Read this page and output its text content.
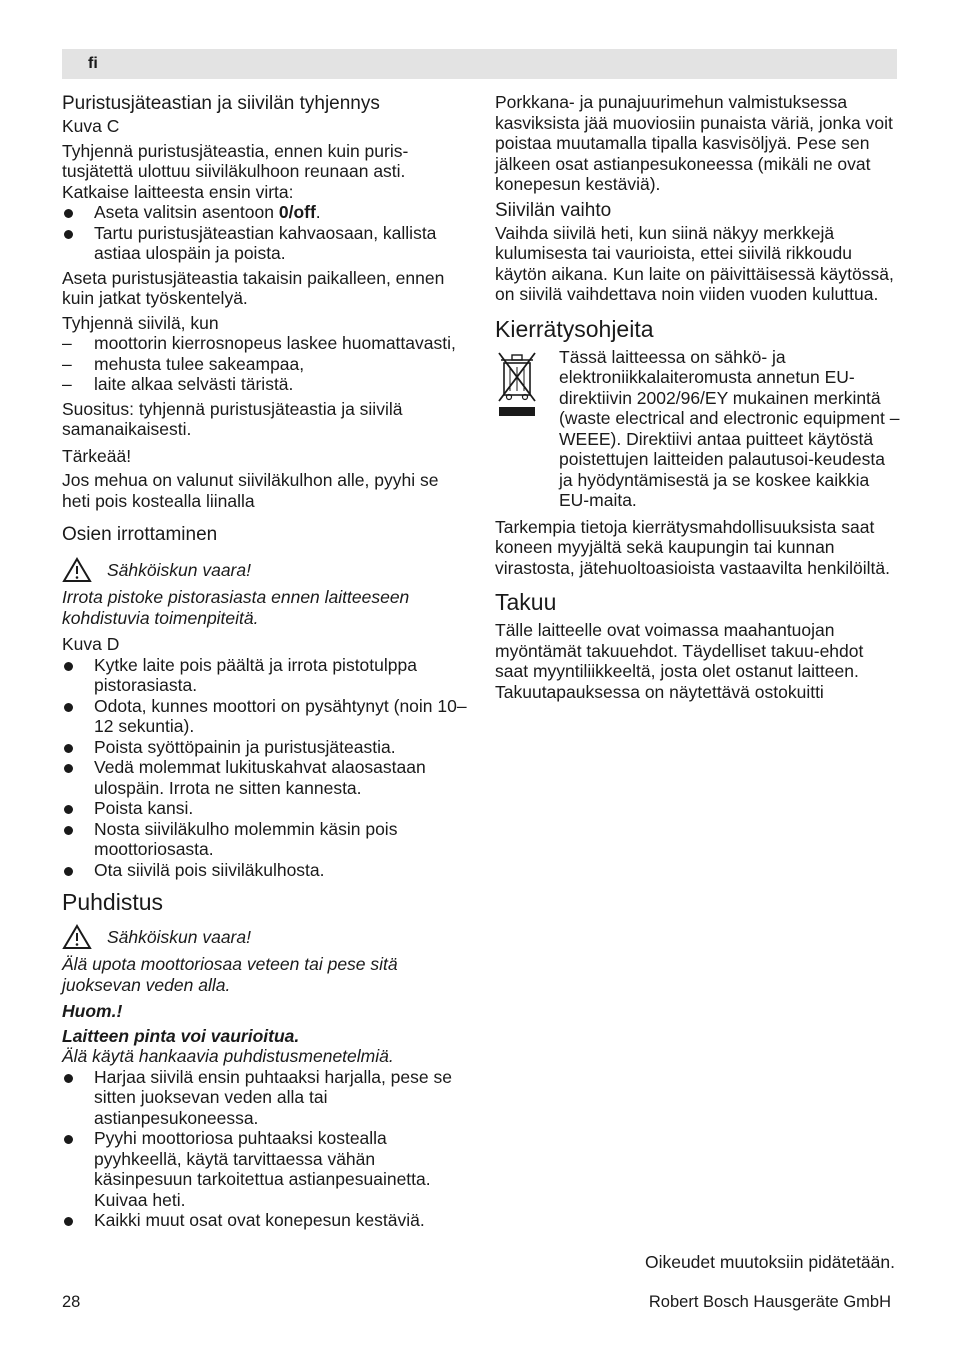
fi
Puristusjäteastian ja siivilän tyhjennys

Kuva C

Tyhjennä puristusjäteastia, ennen kuin puris-tusjätettä ulottuu siiviläkulhoon reunaan asti. Katkaise laitteesta ensin virta:

Aseta valitsin asentoon 0/off.
Tartu puristusjäteastian kahvaosaan, kallista astiaa ulospäin ja poista.

Aseta puristusjäteastia takaisin paikalleen, ennen kuin jatkat työskentelyä.

Tyhjennä siivilä, kun

– moottorin kierrosnopeus laskee huomattavasti,
– mehusta tulee sakeampaa,
– laite alkaa selvästi täristä.

Suositus: tyhjennä puristusjäteastia ja siivilä samanaikaisesti.

Tärkeää!

Jos mehua on valunut siiviläkulhon alle, pyyhi se heti pois kostealla liinalla

Osien irrottaminen
Sähköiskun vaara!

Irrota pistoke pistorasiasta ennen laitteeseen kohdistuvia toimenpiteitä.

Kuva D

Kytke laite pois päältä ja irrota pistotulppa pistorasiasta.
Odota, kunnes moottori on pysähtynyt (noin 10–12 sekuntia).
Poista syöttöpainin ja puristusjäteastia.
Vedä molemmat lukituskahvat alaosastaan ulospäin. Irrota ne sitten kannesta.
Poista kansi.
Nosta siiviläkulho molemmin käsin pois moottoriosasta.
Ota siivilä pois siiviläkulhosta.
Puhdistus
Sähköiskun vaara!

Älä upota moottoriosaa veteen tai pese sitä juoksevan veden alla.

Huom.!

Laitteen pinta voi vaurioitua.

Älä käytä hankaavia puhdistusmenetelmiä.

Harjaa siivilä ensin puhtaaksi harjalla, pese se sitten juoksevan veden alla tai astianpesukoneessa.
Pyyhi moottoriosa puhtaaksi kostealla pyyhkeellä, käytä tarvittaessa vähän käsinpesuun tarkoitettua astianpesuainetta. Kuivaa heti.
Kaikki muut osat ovat konepesun kestäviä.

Porkkana- ja punajuurimehun valmistuksessa kasviksista jää muoviosiin punaista väriä, jonka voit poistaa muutamalla tipalla kasvisöljyä. Pese sen jälkeen osat astianpesukoneessa (mikäli ne ovat konepesun kestäviä).

Siivilän vaihto

Vaihda siivilä heti, kun siinä näkyy merkkejä kulumisesta tai vaurioista, ettei siivilä rikkoudu käytön aikana. Kun laite on päivittäisessä käytössä, on siivilä vaihdettava noin viiden vuoden kuluttua.

Kierrätysohjeita

Tässä laitteessa on sähkö- ja elektroniikkalaiteromusta annetun EU-direktiivin 2002/96/EY mukainen merkintä (waste electrical and electronic equipment – WEEE). Direktiivi antaa puitteet käytöstä poistettujen laitteiden palautusoi-keudesta ja hyödyntämisestä ja se koskee kaikkia EU-maita.

Tarkempia tietoja kierrätysmahdollisuuksista saat koneen myyjältä sekä kaupungin tai kunnan virastosta, jätehuoltoasioista vastaavilta henkilöiltä.

Takuu

Tälle laitteelle ovat voimassa maahantuojan myöntämät takuuehdot. Täydelliset takuu-ehdot saat myyntiliikkeeltä, josta olet ostanut laitteen. Takuutapauksessa on näytettävä ostokuitti

Oikeudet muutoksiin pidätetään.
28	Robert Bosch Hausgeräte GmbH
